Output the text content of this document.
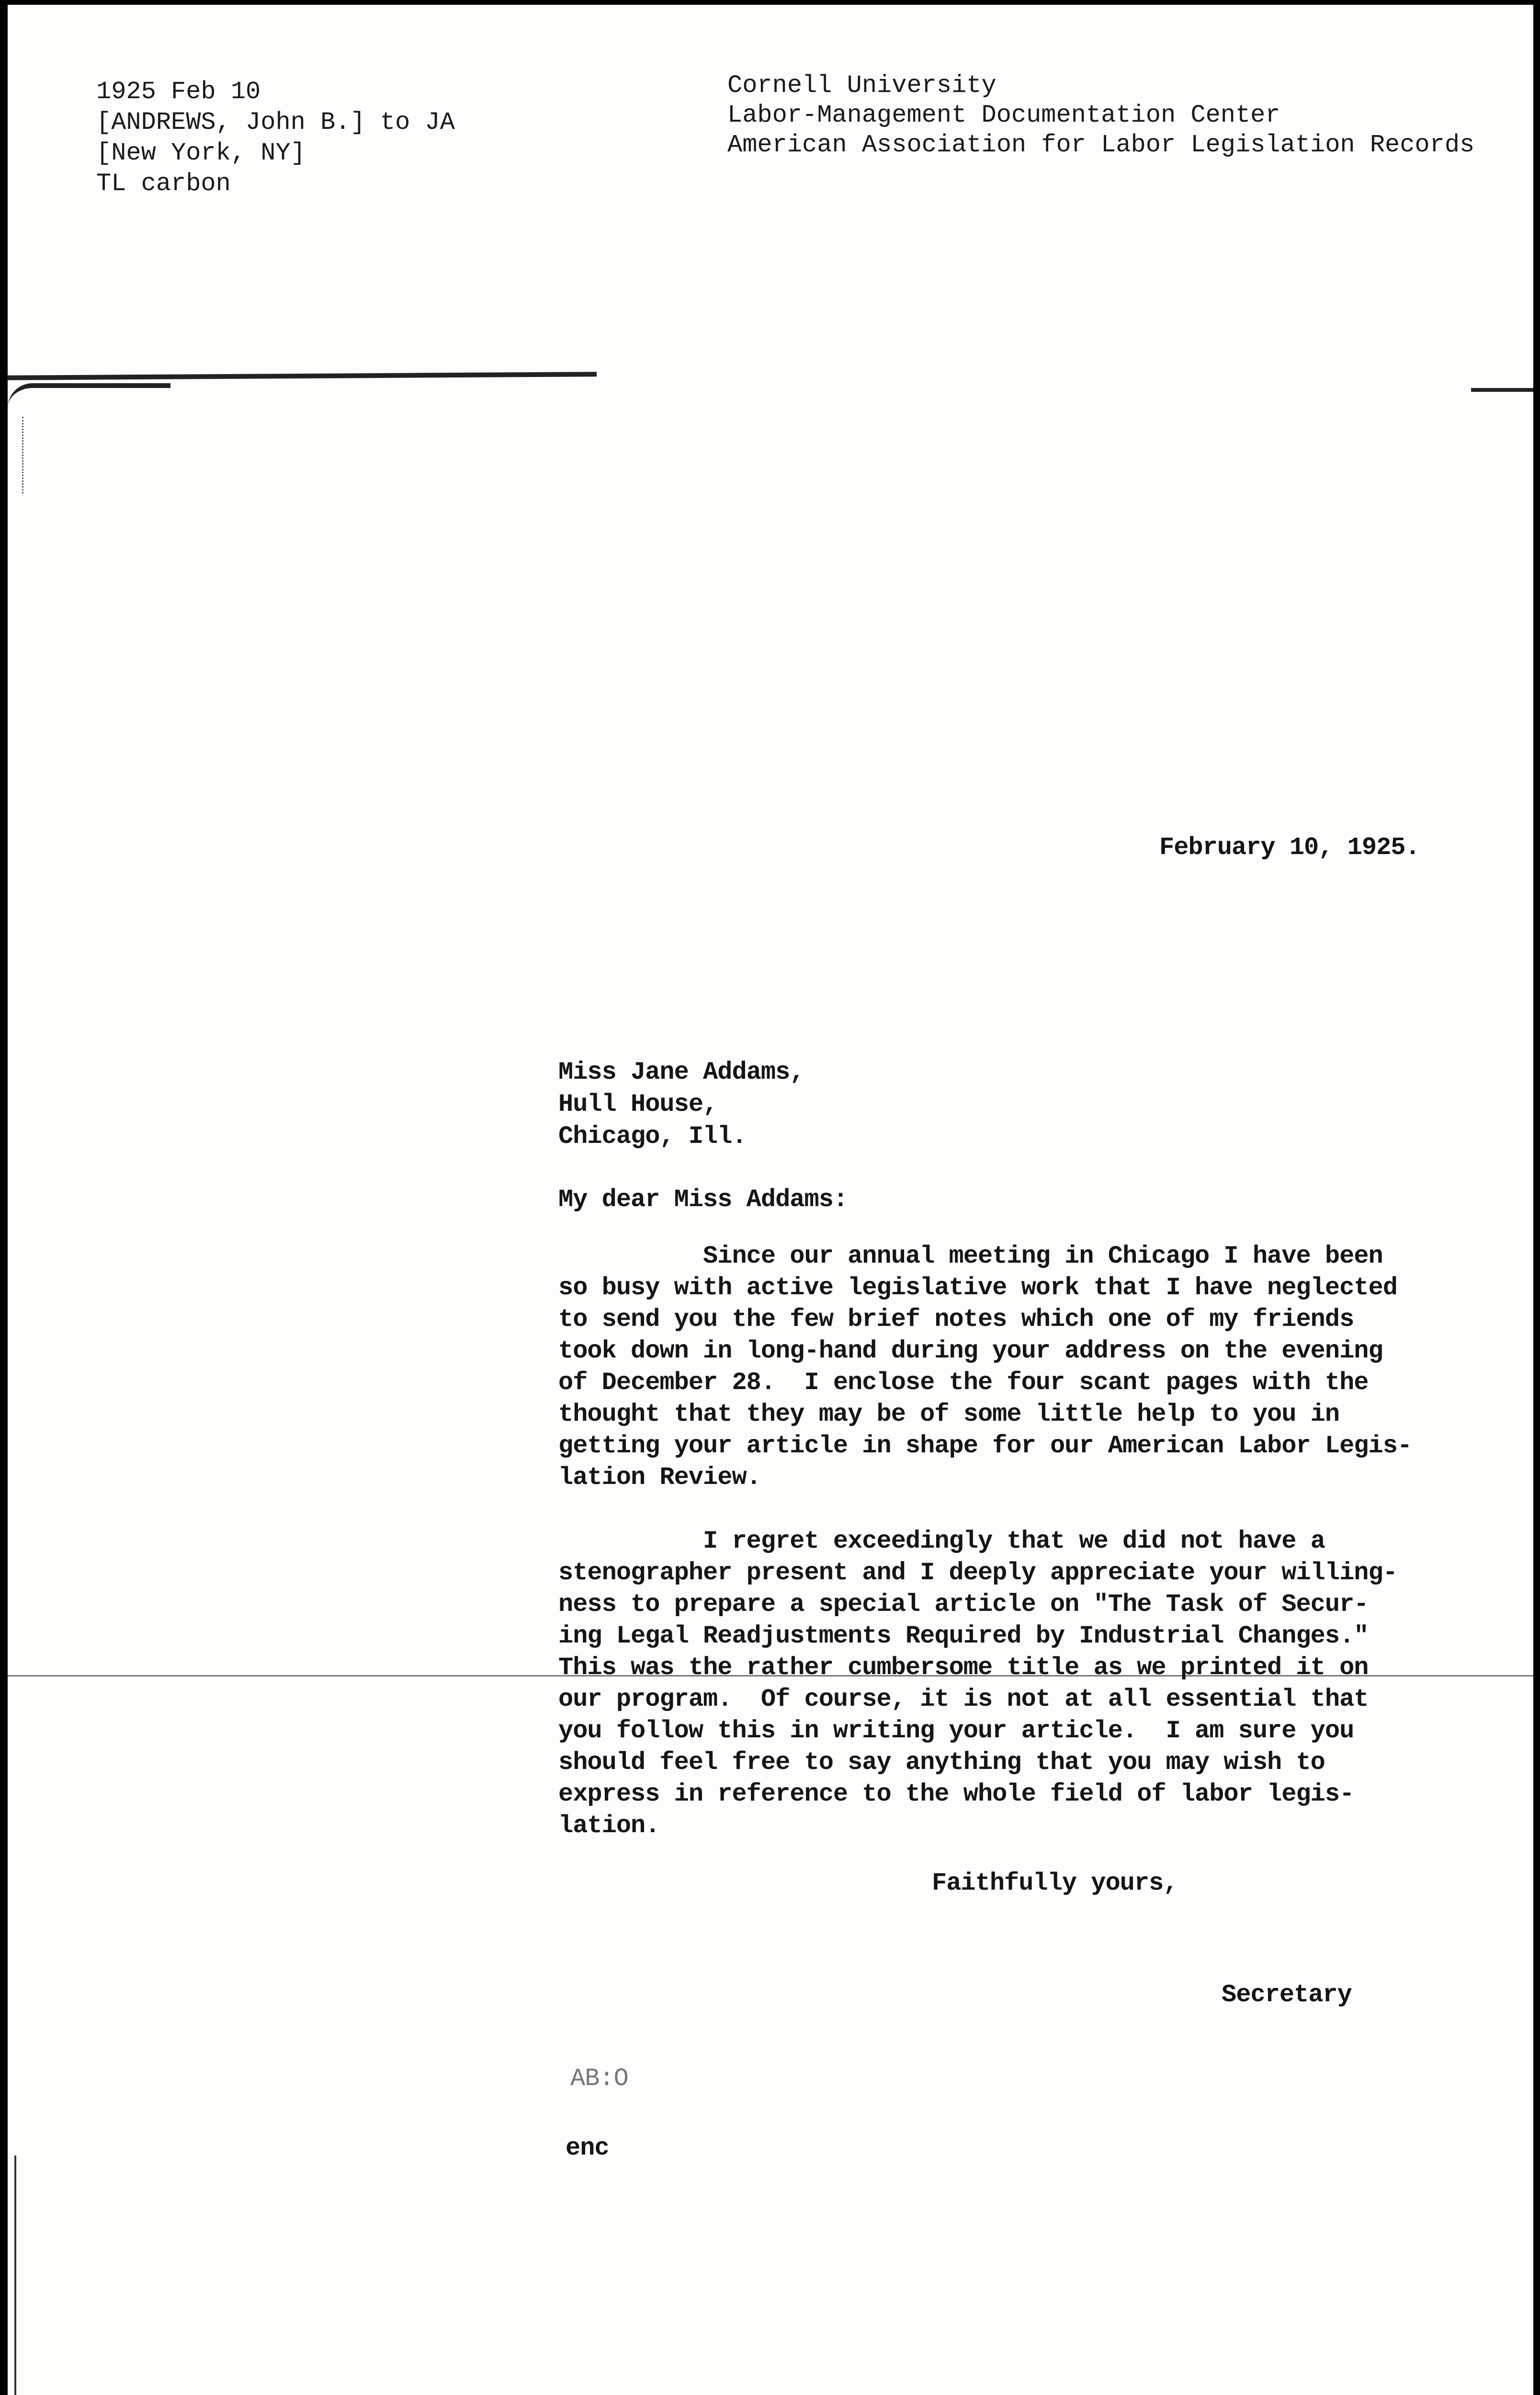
1925 Feb 10
[ANDREWS, John B.] to JA
[New York, NY]
TL carbon
Cornell University
Labor-Management Documentation Center
American Association for Labor Legislation Records
February 10, 1925.
Miss Jane Addams,
Hull House,
Chicago, Ill.
My dear Miss Addams:
Since our annual meeting in Chicago I have been
so busy with active legislative work that I have neglected
to send you the few brief notes which one of my friends
took down in long-hand during your address on the evening
of December 28.  I enclose the four scant pages with the
thought that they may be of some little help to you in
getting your article in shape for our American Labor Legis-
lation Review.
I regret exceedingly that we did not have a
stenographer present and I deeply appreciate your willing-
ness to prepare a special article on "The Task of Secur-
ing Legal Readjustments Required by Industrial Changes."
This was the rather cumbersome title as we printed it on
our program.  Of course, it is not at all essential that
you follow this in writing your article.  I am sure you
should feel free to say anything that you may wish to
express in reference to the whole field of labor legis-
lation.
Faithfully yours,
Secretary
AB:O
enc
